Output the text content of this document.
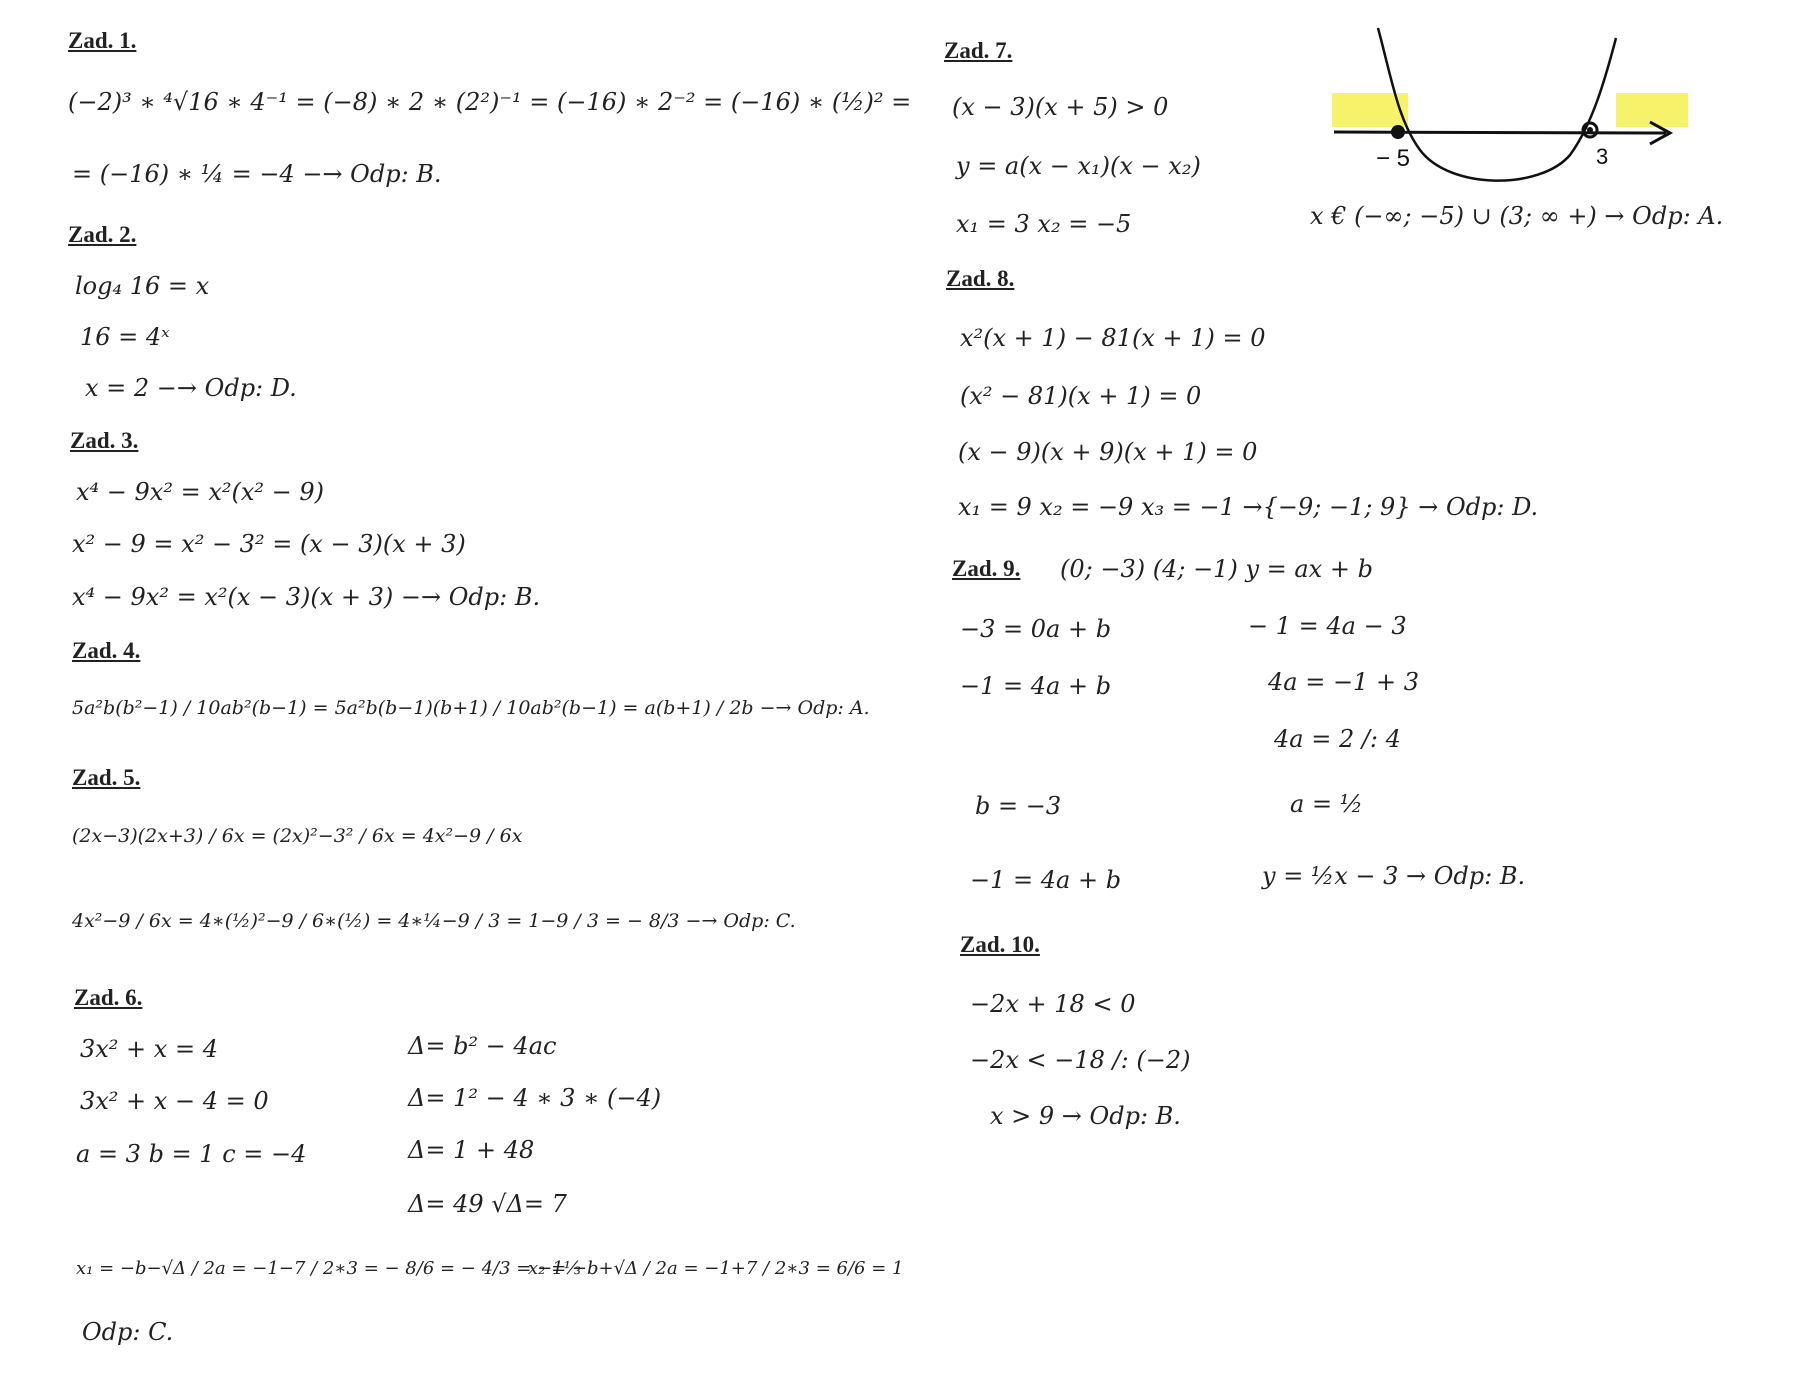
Zad. 1.
(−2)³ ∗ ⁴√16 ∗ 4⁻¹ = (−8) ∗ 2 ∗ (2²)⁻¹ = (−16) ∗ 2⁻² = (−16) ∗ (½)² =
= (−16) ∗ ¼ = −4 −→ Odp: B.
Zad. 2.
log₄ 16 = x
16 = 4ˣ
x = 2 −→ Odp: D.
Zad. 3.
x⁴ − 9x² = x²(x² − 9)
x² − 9 = x² − 3² = (x − 3)(x + 3)
x⁴ − 9x² = x²(x − 3)(x + 3) −→ Odp: B.
Zad. 4.
5a²b(b²−1) / 10ab²(b−1) = 5a²b(b−1)(b+1) / 10ab²(b−1) = a(b+1) / 2b −→ Odp: A.
Zad. 5.
(2x−3)(2x+3) / 6x = (2x)²−3² / 6x = 4x²−9 / 6x
4x²−9 / 6x = 4∗(½)²−9 / 6∗(½) = 4∗¼−9 / 3 = 1−9 / 3 = − 8/3 −→ Odp: C.
Zad. 6.
3x² + x = 4
3x² + x − 4 = 0
a = 3 b = 1 c = −4
Δ= b² − 4ac
Δ= 1² − 4 ∗ 3 ∗ (−4)
Δ= 1 + 48
Δ= 49 √Δ= 7
x₁ = −b−√Δ / 2a = −1−7 / 2∗3 = − 8/6 = − 4/3 = −1⅓
x₂ = −b+√Δ / 2a = −1+7 / 2∗3 = 6/6 = 1
Odp: C.
Zad. 7.
(x − 3)(x + 5) > 0
y = a(x − x₁)(x − x₂)
x₁ = 3 x₂ = −5	x € (−∞; −5) ∪ (3; ∞ +) → Odp: A.
− 5	3
Zad. 8.
x²(x + 1) − 81(x + 1) = 0
(x² − 81)(x + 1) = 0
(x − 9)(x + 9)(x + 1) = 0
x₁ = 9 x₂ = −9 x₃ = −1 →{−9; −1; 9} → Odp: D.
Zad. 9. (0; −3) (4; −1) y = ax + b
−3 = 0a + b
−1 = 4a + b
b = −3
−1 = 4a + b
− 1 = 4a − 3
4a = −1 + 3
4a = 2 /: 4
a = ½
y = ½x − 3 → Odp: B.
Zad. 10.
−2x + 18 < 0
−2x < −18 /: (−2)
x > 9 → Odp: B.
